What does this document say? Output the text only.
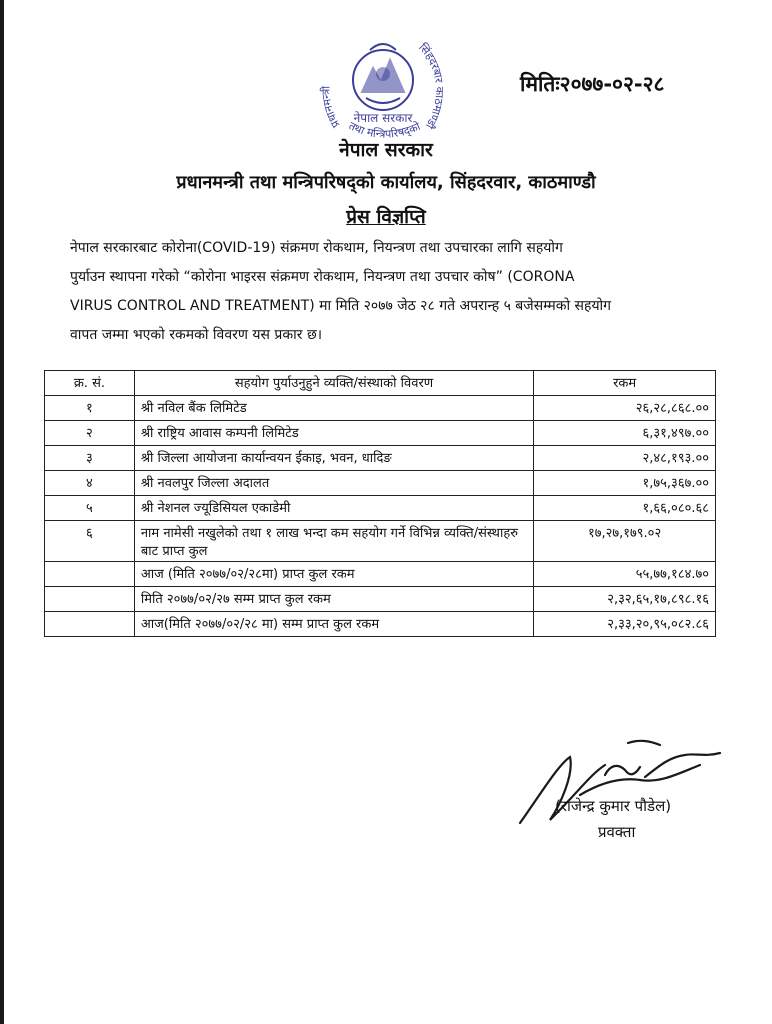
प्रधानमन्त्री
तथा मन्त्रिपरिषद्को
सिंहदरबार काठमाण्डौ
नेपाल सरकार
मितिः२०७७-०२-२८
नेपाल सरकार
प्रधानमन्त्री तथा मन्त्रिपरिषद्को कार्यालय, सिंहदरवार, काठमाण्डौ
प्रेस विज्ञप्ति
नेपाल सरकारबाट कोरोना(COVID-19) संक्रमण रोकथाम, नियन्त्रण तथा उपचारका लागि सहयोग
पुर्याउन स्थापना गरेको “कोरोना भाइरस संक्रमण रोकथाम, नियन्त्रण तथा उपचार कोष” (CORONA
VIRUS CONTROL AND TREATMENT) मा मिति २०७७ जेठ २८ गते अपरान्ह ५ बजेसम्मको सहयोग
वापत जम्मा भएको रकमको विवरण यस प्रकार छ।
क्र. सं.	सहयोग पुर्याउनुहुने व्यक्ति/संस्थाको विवरण	रकम
१	श्री नविल बैंक लिमिटेड	२६,२८,८६८.००
२	श्री राष्ट्रिय आवास कम्पनी लिमिटेड	६,३१,४९७.००
३	श्री जिल्ला आयोजना कार्यान्वयन ईकाइ, भवन, धादिङ	२,४८,१९३.००
४	श्री नवलपुर जिल्ला अदालत	१,७५,३६७.००
५	श्री नेशनल ज्यूडिसियल एकाडेमी	१,६६,०८०.६८
६	नाम नामेसी नखुलेको तथा १ लाख भन्दा कम सहयोग गर्ने विभिन्न व्यक्ति/संस्थाहरु बाट प्राप्त कुल	१७,२७,१७९.०२
	आज (मिति २०७७/०२/२८मा) प्राप्त कुल रकम	५५,७७,१८४.७०
	मिति २०७७/०२/२७ सम्म प्राप्त कुल रकम	२,३२,६५,१७,८९८.१६
	आज(मिति २०७७/०२/२८ मा) सम्म प्राप्त कुल रकम	२,३३,२०,९५,०८२.८६
(राजेन्द्र कुमार पौडेल)
प्रवक्ता
